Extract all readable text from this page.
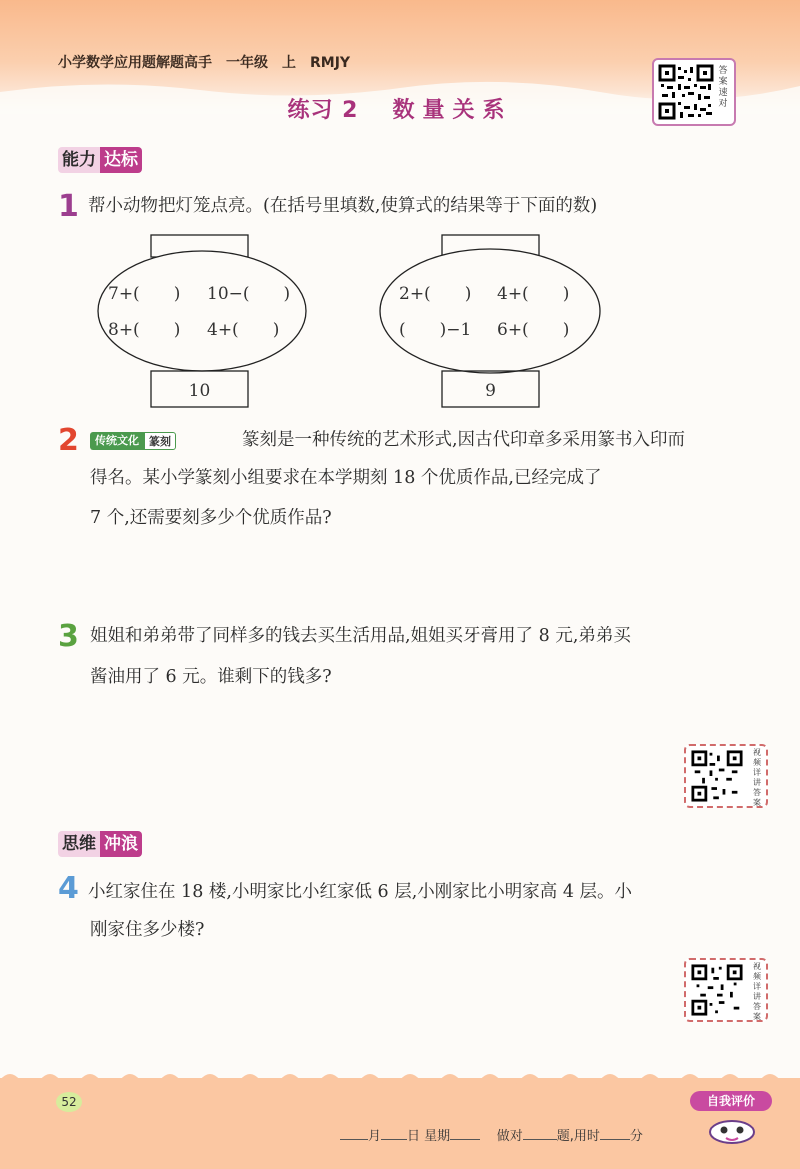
小学数学应用题解题高手　一年级　上　RMJY
练习 2 数量关系
答
案
速
对
能力 达标
1 帮小动物把灯笼点亮。(在括号里填数,使算式的结果等于下面的数)
7+(　　) 10−(　　)
8+(　　) 4+(　　)
10
2+(　　) 4+(　　)
(　　)−1 6+(　　)
9
2	传统文化 篆刻	篆刻是一种传统的艺术形式,因古代印章多采用篆书入印而
得名。某小学篆刻小组要求在本学期刻 18 个优质作品,已经完成了
7 个,还需要刻多少个优质作品?
3 姐姐和弟弟带了同样多的钱去买生活用品,姐姐买牙膏用了 8 元,弟弟买
酱油用了 6 元。谁剩下的钱多?
视
频
详
讲
答
案
思维 冲浪
4 小红家住在 18 楼,小明家比小红家低 6 层,小刚家比小明家高 4 层。小
刚家住多少楼?
视
频
详
讲
答
案
52	自我评价
月 日 星期	做对	题,用时 分
